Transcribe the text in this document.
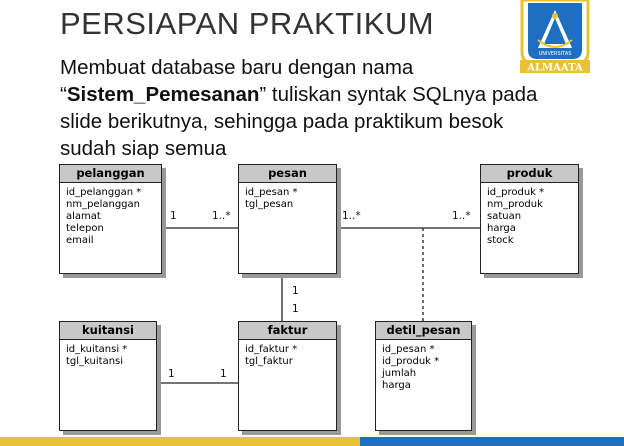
PERSIAPAN PRAKTIKUM
Membuat database baru dengan nama “Sistem_Pemesanan” tuliskan syntak SQLnya pada slide berikutnya, sehingga pada praktikum besok sudah siap semua
UNIVERSITAS
ALMAATA
pelanggan
id_pelanggan *
nm_pelanggan
alamat
telepon
email
pesan
id_pesan *
tgl_pesan
produk
id_produk *
nm_produk
satuan
harga
stock
kuitansi
id_kuitansi *
tgl_kuitansi
faktur
id_faktur *
tgl_faktur
detil_pesan
id_pesan *
id_produk *
jumlah
harga
1	1..*	1..*	1..*
1
1
1	1
